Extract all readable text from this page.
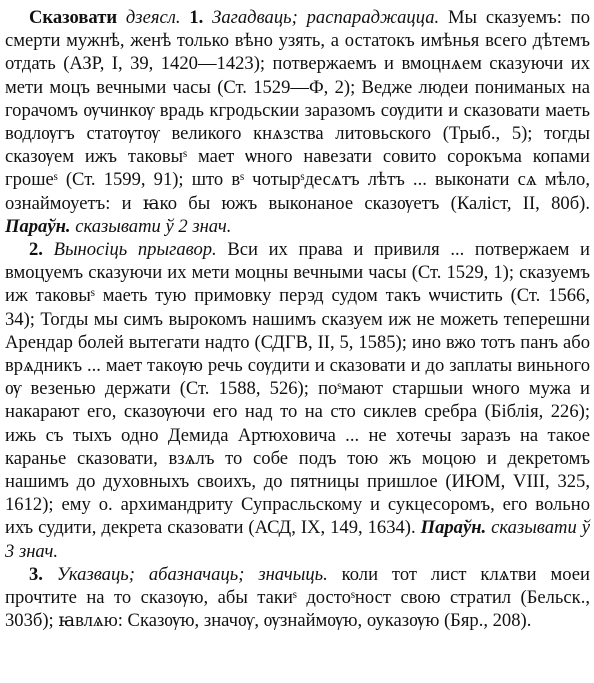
Сказовати дзеясл. 1. Загадваць; распараджацца. Мы сказуемъ: по смерти мужнѣ, женѣ только вѣно узять, а остатокъ имѣнья всего дѣтемъ отдать (АЗР, I, 39, 1420—1423); потвержаемъ и вмоцнѧем сказуючи их мети моцъ вечными часы (Ст. 1529—Ф, 2); Ведже людеи пониманых на горачомъ ѹчинкѹ врадь кгродьскии заразомъ сѹдити и сказовати маеть водлѹгъ статѹтѹ великого кнѧзства литовьского (Трыб., 5); тогды сказѹем ижъ таковыˢ мает ѡного навезати совито сорокъма копами грошеˢ (Ст. 1599, 91); што вˢ чотырˢдесѧтъ лѣтъ ... выконати сѧ мѣло, ознаймоуетъ: и ꙗко бы южъ выконаное сказѹетъ (Каліст, II, 80б). Параўн. сказывати ў 2 знач.

2. Выносіць прыгавор. Вси их права и привиля ... потвержаем и вмоцуемъ сказуючи их мети моцны вечными часы (Ст. 1529, 1); сказуемъ иж таковыˢ маеть тую примовку перэд судом такъ ѡчистить (Ст. 1566, 34); Тогды мы симъ вырокомъ нашимъ сказуем иж не можеть теперешни Арендар болей вытегати надто (СДГВ, II, 5, 1585); ино вжо тотъ панъ або врѧдникъ ... мает такѹю речь сѹдити и сказовати и до заплаты виньного ѹ везенью держати (Ст. 1588, 526); поˢмают старшыи ѡного мужа и накарают его, сказѹючи его над то на сто сиклев сребра (Біблія, 226); ижь съ тыхъ одно Демида Артюховича ... не хотечы заразъ на такое каранье сказовати, взѧлъ то собе подъ тою жъ моцою и декретомъ нашимъ до духовныхъ своихъ, до пятницы пришлое (ИЮМ, VIII, 325, 1612); ему о. архимандриту Супрасльскому и сукцесоромъ, его вольно ихъ судити, декрета сказовати (АСД, IX, 149, 1634). Параўн. сказывати ў 3 знач.

3. Указваць; абазначаць; значыць. коли тот лист клѧтви моеи прочтите на то сказѹю, абы такиˢ достоˢност свою стратил (Бельск., 303б); ꙗвлѧю: Сказѹю, значѹ, ѹзнаймѹю, оуказѹю (Бяр., 208).
